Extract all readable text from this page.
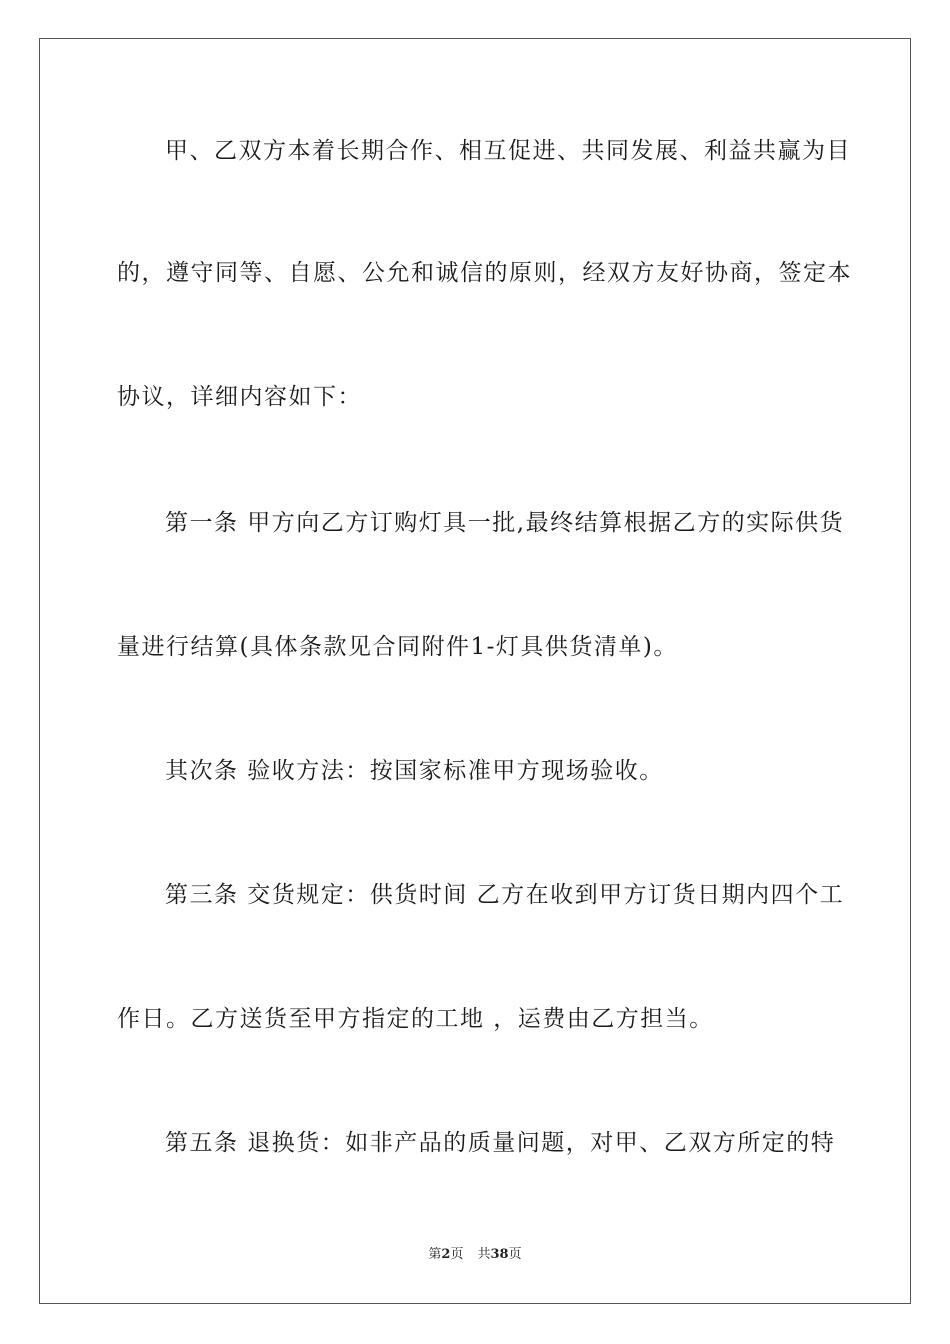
甲、乙双方本着长期合作、相互促进、共同发展、利益共赢为目
的，遵守同等、自愿、公允和诚信的原则，经双方友好协商，签定本
协议，详细内容如下：
第一条 甲方向乙方订购灯具一批,最终结算根据乙方的实际供货
量进行结算(具体条款见合同附件1-灯具供货清单)。
其次条 验收方法：按国家标准甲方现场验收。
第三条 交货规定：供货时间 乙方在收到甲方订货日期内四个工
作日。乙方送货至甲方指定的工地 ，运费由乙方担当。
第五条 退换货：如非产品的质量问题，对甲、乙双方所定的特
第2页 共38页
